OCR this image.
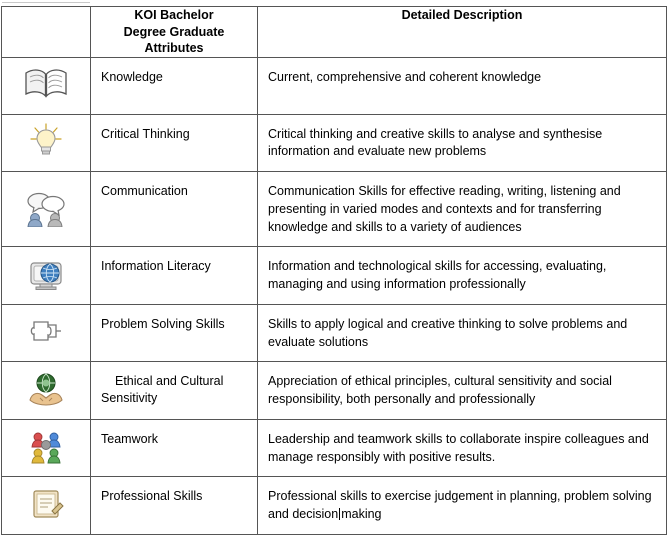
	KOI Bachelor
Degree Graduate
Attributes	Detailed Description
	Knowledge	Current, comprehensive and coherent knowledge
	Critical Thinking	Critical thinking and creative skills to analyse and synthesise information and evaluate new problems
	Communication	Communication Skills for effective reading, writing, listening and presenting in varied modes and contexts and for transferring knowledge and skills to a variety of audiences
	Information Literacy	Information and technological skills for accessing, evaluating, managing and using information professionally
	Problem Solving Skills	Skills to apply logical and creative thinking to solve problems and evaluate solutions
	Ethical and Cultural Sensitivity	Appreciation of ethical principles, cultural sensitivity and social responsibility, both personally and professionally
	Teamwork	Leadership and teamwork skills to collaborate inspire colleagues and manage responsibly with positive results.
	Professional Skills	Professional skills to exercise judgement in planning, problem solving and decision making
